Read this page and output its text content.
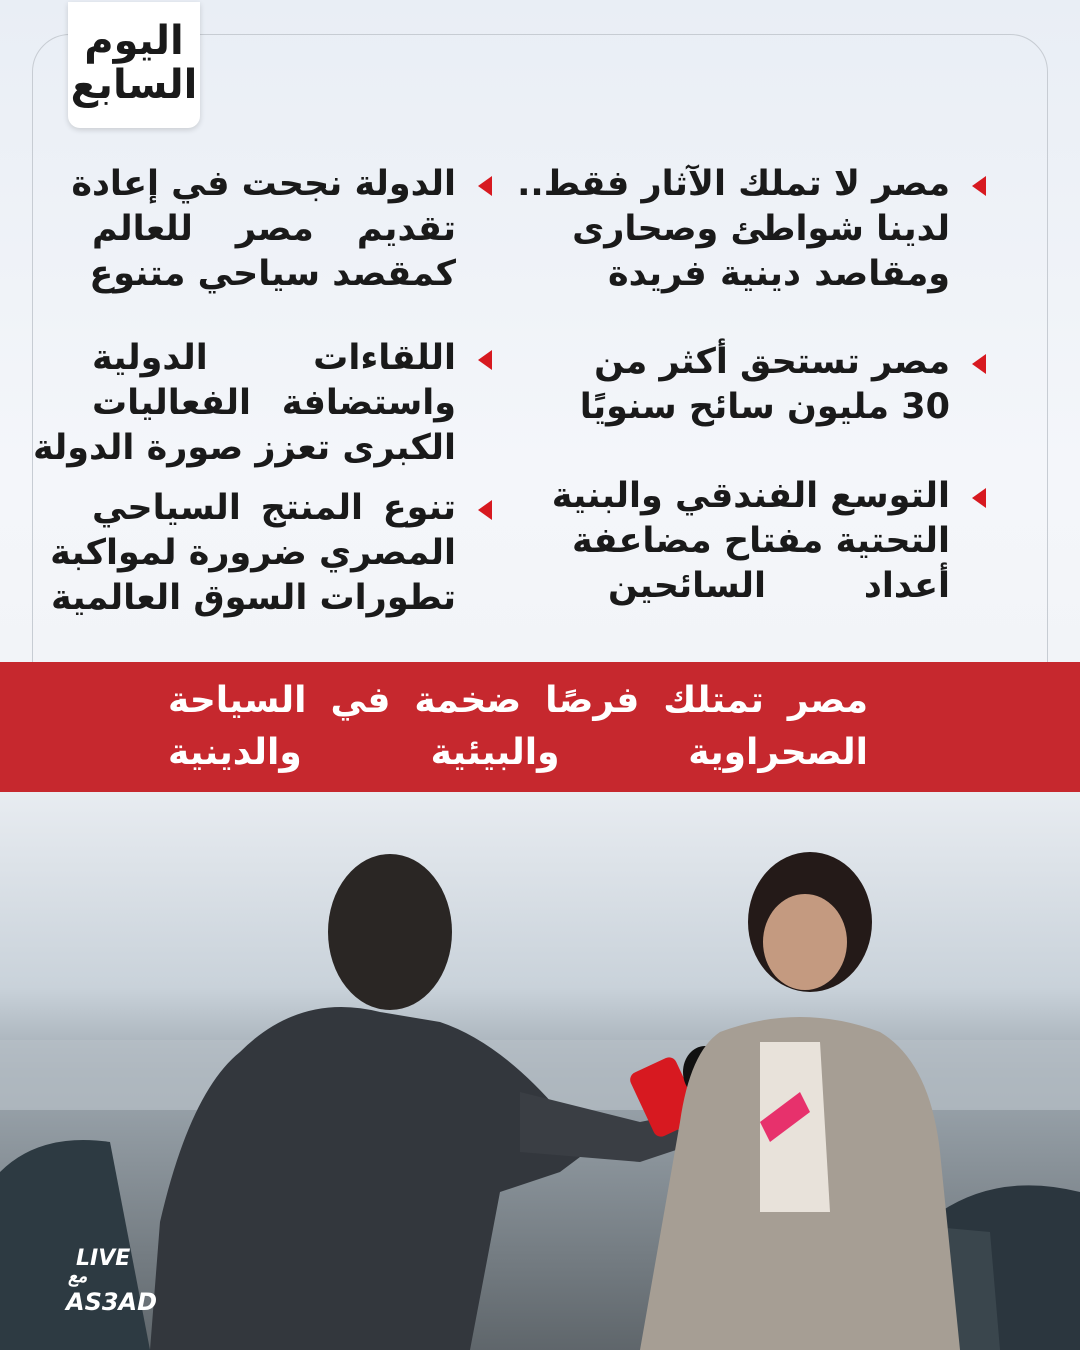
اليوم
السابع
مصر لا تملك الآثار فقط..
لدينا شواطئ وصحارى
ومقاصد دينية فريدة
مصر تستحق أكثر من
30 مليون سائح سنويًا
التوسع الفندقي والبنية
التحتية مفتاح مضاعفة
أعداد السائحين
الدولة نجحت في إعادة
تقديم مصر للعالم
كمقصد سياحي متنوع
اللقاءات الدولية
واستضافة الفعاليات
الكبرى تعزز صورة الدولة
تنوع المنتج السياحي
المصري ضرورة لمواكبة
تطورات السوق العالمية
مصر تمتلك فرصًا ضخمة في السياحة
الصحراوية والبيئية والدينية
LIVE
مع
AS3AD
